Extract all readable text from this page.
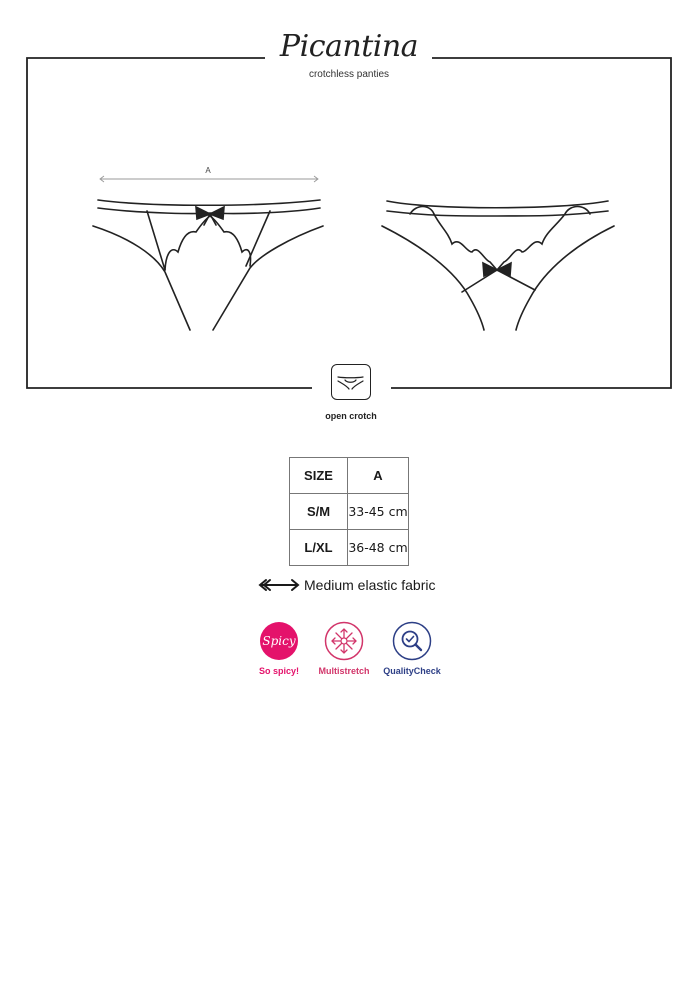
Picantina
crotchless panties
A
open crotch
SIZE	A
S/M	33-45 cm
L/XL	36-48 cm
Medium elastic fabric
Spicy
So spicy!	Multistretch	QualityCheck
